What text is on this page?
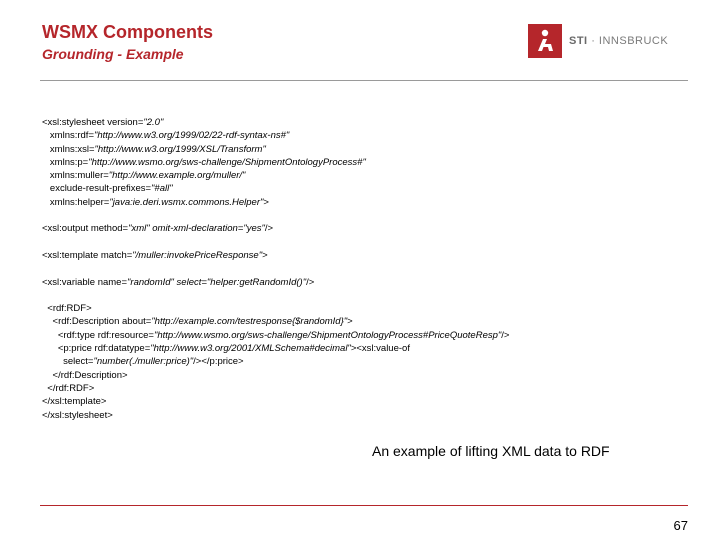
WSMX Components
Grounding - Example
STI · INNSBRUCK
<xsl:stylesheet version="2.0"
xmlns:rdf="http://www.w3.org/1999/02/22-rdf-syntax-ns#"
xmlns:xsl="http://www.w3.org/1999/XSL/Transform"
xmlns:p="http://www.wsmo.org/sws-challenge/ShipmentOntologyProcess#"
xmlns:muller="http://www.example.org/muller/"
exclude-result-prefixes="#all"
xmlns:helper="java:ie.deri.wsmx.commons.Helper">
<xsl:output method="xml" omit-xml-declaration="yes"/>
<xsl:template match="/muller:invokePriceResponse">
<xsl:variable name="randomId" select="helper:getRandomId()"/>
<rdf:RDF>
<rdf:Description about="http://example.com/testresponse{$randomId}">
<rdf:type rdf:resource="http://www.wsmo.org/sws-challenge/ShipmentOntologyProcess#PriceQuoteResp"/>
<p:price rdf:datatype="http://www.w3.org/2001/XMLSchema#decimal"><xsl:value-of
select="number(./muller:price)"/></p:price>
</rdf:Description>
</rdf:RDF>
</xsl:template>
</xsl:stylesheet>
An example of lifting XML data to RDF
67
